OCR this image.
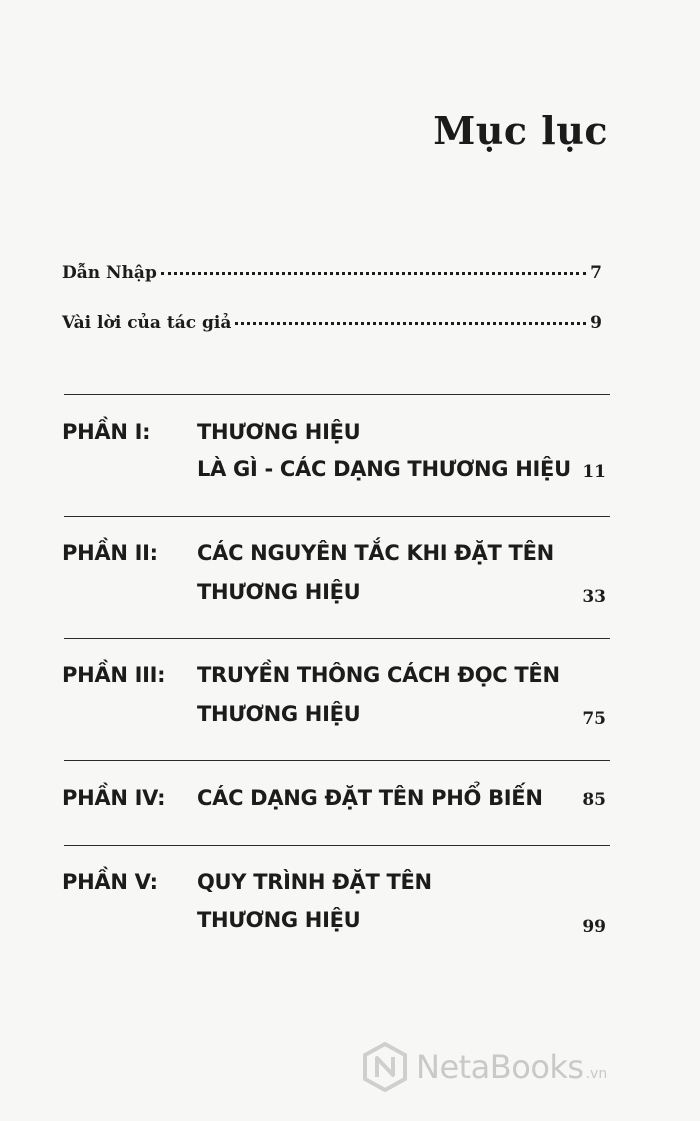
Mục lục
Dẫn Nhập	7
Vài lời của tác giả	9
PHẦN I: THƯƠNG HIỆU
LÀ GÌ - CÁC DẠNG THƯƠNG HIỆU 11
PHẦN II: CÁC NGUYÊN TẮC KHI ĐẶT TÊN
THƯƠNG HIỆU	33
PHẦN III: TRUYỀN THÔNG CÁCH ĐỌC TÊN
THƯƠNG HIỆU	75
PHẦN IV: CÁC DẠNG ĐẶT TÊN PHỔ BIẾN 85
PHẦN V: QUY TRÌNH ĐẶT TÊN
THƯƠNG HIỆU	99
NetaBooks .vn
